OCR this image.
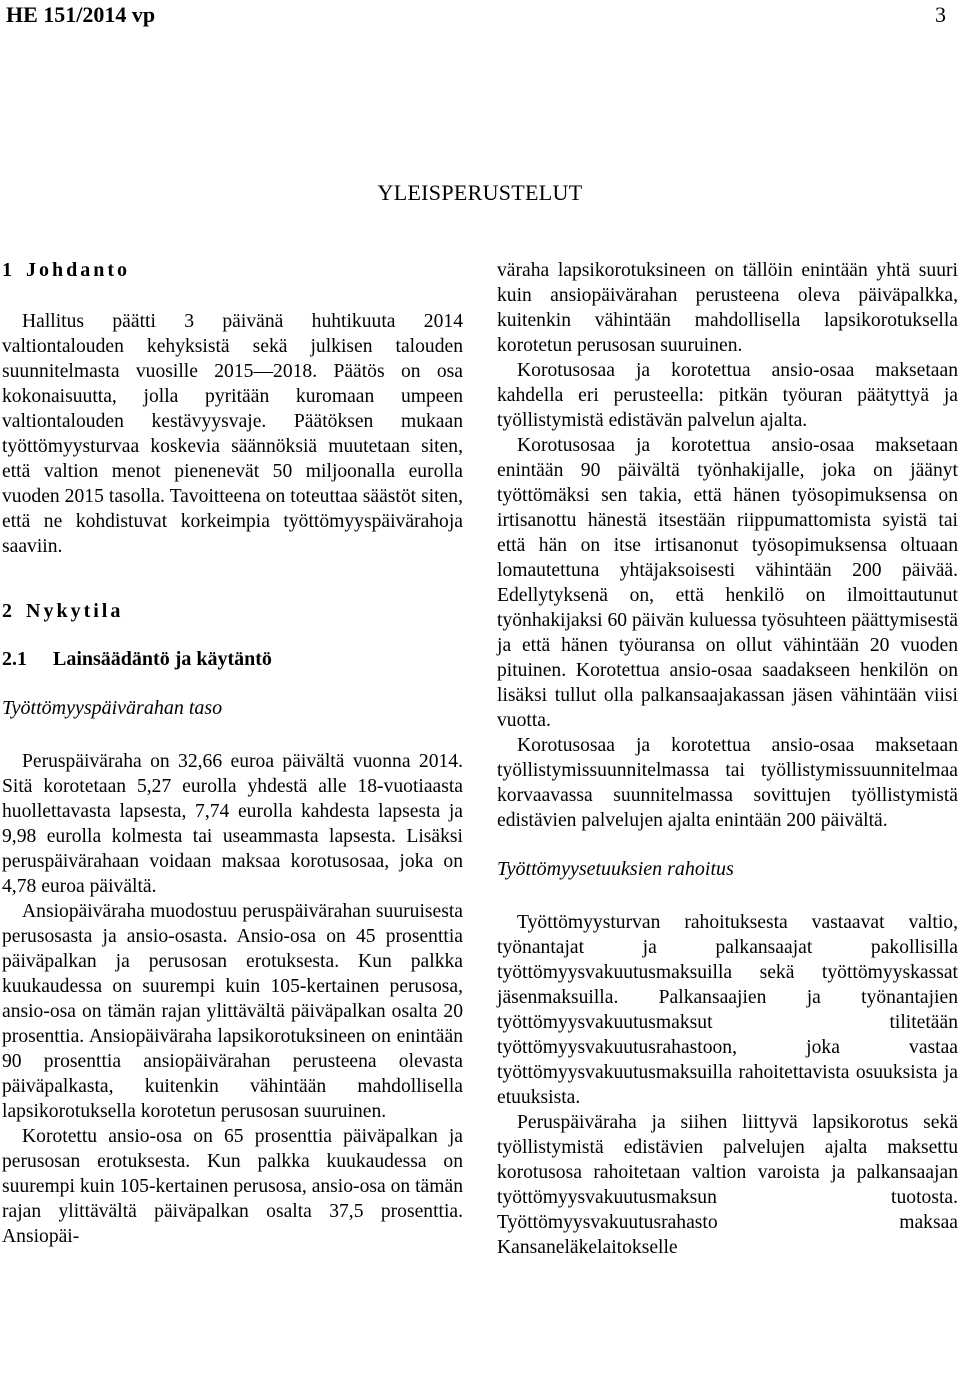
HE 151/2014 vp	3
YLEISPERUSTELUT
1 Johdanto

Hallitus päätti 3 päivänä huhtikuuta 2014 valtiontalouden kehyksistä sekä julkisen talouden suunnitelmasta vuosille 2015—2018. Päätös on osa kokonaisuutta, jolla pyritään kuromaan umpeen valtiontalouden kestävyysvaje. Päätöksen mukaan työttömyysturvaa koskevia säännöksiä muutetaan siten, että valtion menot pienenevät 50 miljoonalla eurolla vuoden 2015 tasolla. Tavoitteena on toteuttaa säästöt siten, että ne kohdistuvat korkeimpia työttömyyspäivärahoja saaviin.

2 Nykytila
2.1 Lainsäädäntö ja käytäntö

Työttömyyspäivärahan taso

Peruspäiväraha on 32,66 euroa päivältä vuonna 2014. Sitä korotetaan 5,27 eurolla yhdestä alle 18-vuotiaasta huollettavasta lapsesta, 7,74 eurolla kahdesta lapsesta ja 9,98 eurolla kolmesta tai useammasta lapsesta. Lisäksi peruspäivärahaan voidaan maksaa korotusosaa, joka on 4,78 euroa päivältä.

Ansiopäiväraha muodostuu peruspäivärahan suuruisesta perusosasta ja ansio-osasta. Ansio-osa on 45 prosenttia päiväpalkan ja perusosan erotuksesta. Kun palkka kuukaudessa on suurempi kuin 105-kertainen perusosa, ansio-osa on tämän rajan ylittävältä päiväpalkan osalta 20 prosenttia. Ansiopäiväraha lapsikorotuksineen on enintään 90 prosenttia ansiopäivärahan perusteena olevasta päiväpalkasta, kuitenkin vähintään mahdollisella lapsikorotuksella korotetun perusosan suuruinen.

Korotettu ansio-osa on 65 prosenttia päiväpalkan ja perusosan erotuksesta. Kun palkka kuukaudessa on suurempi kuin 105-kertainen perusosa, ansio-osa on tämän rajan ylittävältä päiväpalkan osalta 37,5 prosenttia. Ansiopäi-

väraha lapsikorotuksineen on tällöin enintään yhtä suuri kuin ansiopäivärahan perusteena oleva päiväpalkka, kuitenkin vähintään mahdollisella lapsikorotuksella korotetun perusosan suuruinen.

Korotusosaa ja korotettua ansio-osaa maksetaan kahdella eri perusteella: pitkän työuran päätyttyä ja työllistymistä edistävän palvelun ajalta.

Korotusosaa ja korotettua ansio-osaa maksetaan enintään 90 päivältä työnhakijalle, joka on jäänyt työttömäksi sen takia, että hänen työsopimuksensa on irtisanottu hänestä itsestään riippumattomista syistä tai että hän on itse irtisanonut työsopimuksensa oltuaan lomautettuna yhtäjaksoisesti vähintään 200 päivää. Edellytyksenä on, että henkilö on ilmoittautunut työnhakijaksi 60 päivän kuluessa työsuhteen päättymisestä ja että hänen työuransa on ollut vähintään 20 vuoden pituinen. Korotettua ansio-osaa saadakseen henkilön on lisäksi tullut olla palkansaajakassan jäsen vähintään viisi vuotta.

Korotusosaa ja korotettua ansio-osaa maksetaan työllistymissuunnitelmassa tai työllistymissuunnitelmaa korvaavassa suunnitelmassa sovittujen työllistymistä edistävien palvelujen ajalta enintään 200 päivältä.

Työttömyysetuuksien rahoitus

Työttömyysturvan rahoituksesta vastaavat valtio, työnantajat ja palkansaajat pakollisilla työttömyysvakuutusmaksuilla sekä työttömyyskassat jäsenmaksuilla. Palkansaajien ja työnantajien työttömyysvakuutusmaksut tilitetään työttömyysvakuutusrahastoon, joka vastaa työttömyysvakuutusmaksuilla rahoitettavista osuuksista ja etuuksista.

Peruspäiväraha ja siihen liittyvä lapsikorotus sekä työllistymistä edistävien palvelujen ajalta maksettu korotusosa rahoitetaan valtion varoista ja palkansaajan työttömyysvakuutusmaksun tuotosta. Työttömyysvakuutusrahasto maksaa Kansaneläkelaitokselle
